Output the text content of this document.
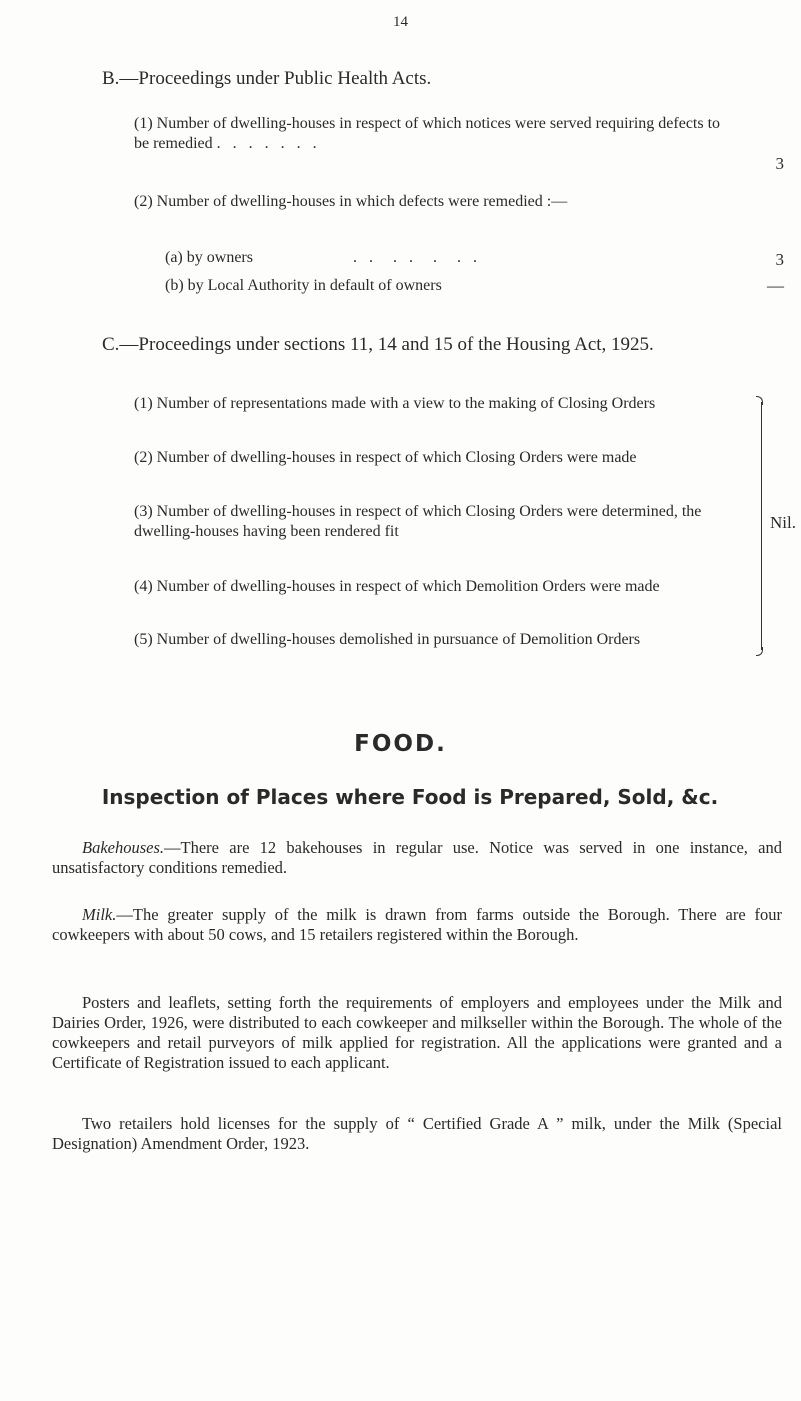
14
B.—Proceedings under Public Health Acts.
(1) Number of dwelling-houses in respect of which notices were served requiring defects to be remedied . . . . . . .
3
(2) Number of dwelling-houses in which defects were remedied :—
(a) by owners             . .  . .  .  . .	3
(b) by Local Authority in default of owners	—
C.—Proceedings under sections 11, 14 and 15 of the Housing Act, 1925.
(1) Number of representations made with a view to the making of Closing Orders
(2) Number of dwelling-houses in respect of which Closing Orders were made
(3) Number of dwelling-houses in respect of which Closing Orders were determined, the dwelling-houses having been rendered fit
(4) Number of dwelling-houses in respect of which Demolition Orders were made
(5) Number of dwelling-houses demolished in pursuance of Demolition Orders
Nil.
FOOD.
Inspection of Places where Food is Prepared, Sold, &c.
Bakehouses.—There are 12 bakehouses in regular use. Notice was served in one instance, and unsatisfactory conditions remedied.
Milk.—The greater supply of the milk is drawn from farms outside the Borough. There are four cowkeepers with about 50 cows, and 15 retailers registered within the Borough.
Posters and leaflets, setting forth the requirements of employers and employees under the Milk and Dairies Order, 1926, were distributed to each cowkeeper and milkseller within the Borough. The whole of the cowkeepers and retail purveyors of milk applied for registration. All the applications were granted and a Certificate of Registration issued to each applicant.
Two retailers hold licenses for the supply of “ Certified Grade A ” milk, under the Milk (Special Designation) Amendment Order, 1923.
